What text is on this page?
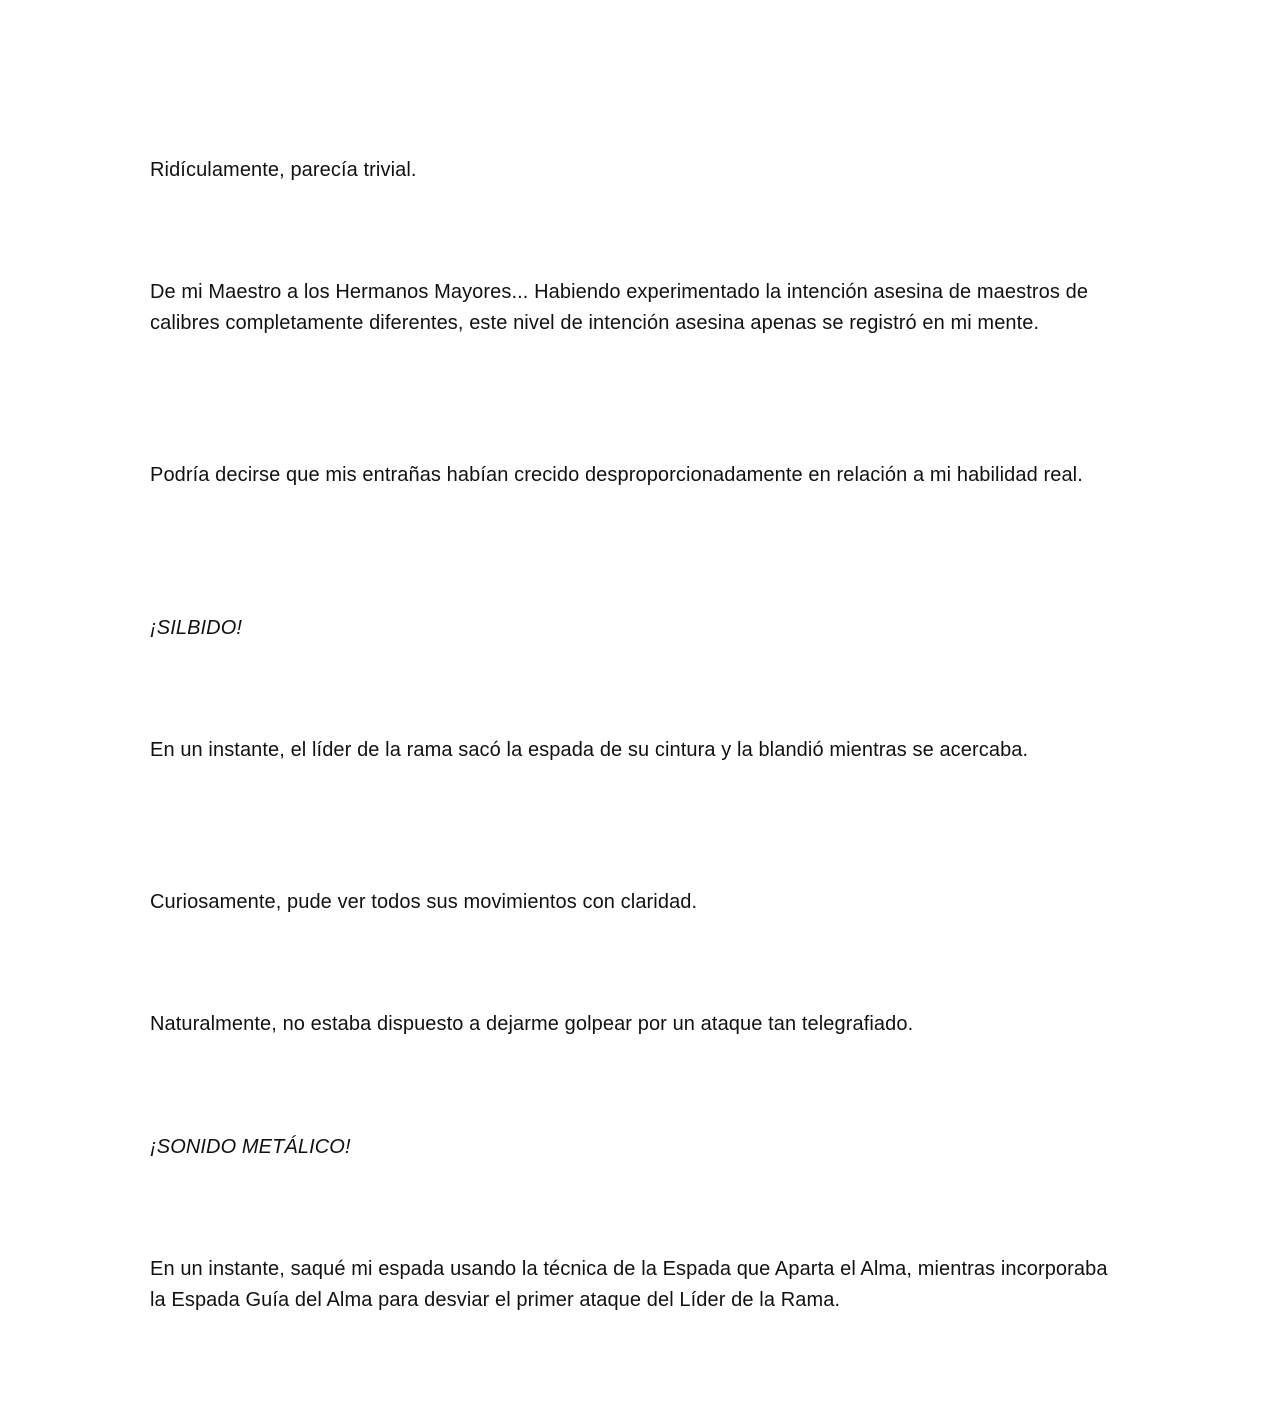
Ridículamente, parecía trivial.

De mi Maestro a los Hermanos Mayores... Habiendo experimentado la intención asesina de maestros de calibres completamente diferentes, este nivel de intención asesina apenas se registró en mi mente.

Podría decirse que mis entrañas habían crecido desproporcionadamente en relación a mi habilidad real.

¡SILBIDO!

En un instante, el líder de la rama sacó la espada de su cintura y la blandió mientras se acercaba.

Curiosamente, pude ver todos sus movimientos con claridad.

Naturalmente, no estaba dispuesto a dejarme golpear por un ataque tan telegrafiado.

¡SONIDO METÁLICO!

En un instante, saqué mi espada usando la técnica de la Espada que Aparta el Alma, mientras incorporaba la Espada Guía del Alma para desviar el primer ataque del Líder de la Rama.
